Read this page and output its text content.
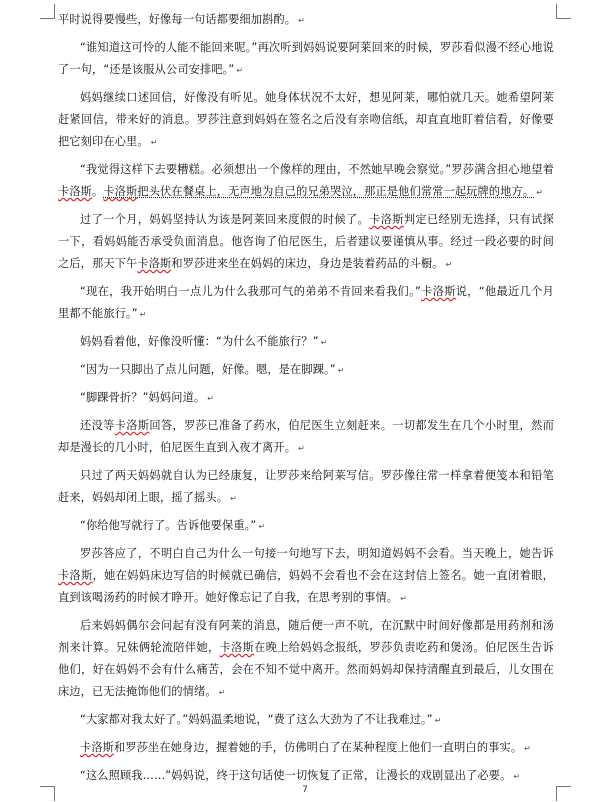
平时说得要慢些，好像每一句话都要细加斟酌。 ↵

“谁知道这可怜的人能不能回来呢。”再次听到妈妈说要阿莱回来的时候，罗莎看似漫不经心地说了一句，“还是该服从公司安排吧。” ↵

妈妈继续口述回信，好像没有听见。她身体状况不太好，想见阿莱，哪怕就几天。她希望阿莱赶紧回信，带来好的消息。罗莎注意到妈妈在签名之后没有亲吻信纸，却直直地盯着信看，好像要把它刻印在心里。 ↵

“我觉得这样下去要糟糕。必须想出一个像样的理由，不然她早晚会察觉。”罗莎满含担心地望着卡洛斯。卡洛斯把头伏在餐桌上，无声地为自己的兄弟哭泣，那正是他们常常一起玩牌的地方。 ↵

过了一个月，妈妈坚持认为该是阿莱回来度假的时候了。卡洛斯判定已经别无选择，只有试探一下，看妈妈能否承受负面消息。他咨询了伯尼医生，后者建议要谨慎从事。经过一段必要的时间之后，那天下午卡洛斯和罗莎进来坐在妈妈的床边，身边是装着药品的斗橱。 ↵

“现在，我开始明白一点儿为什么我那可气的弟弟不肯回来看我们。”卡洛斯说，“他最近几个月里都不能旅行。” ↵

妈妈看着他，好像没听懂：“为什么不能旅行？” ↵

“因为一只脚出了点儿问题，好像。嗯，是在脚踝。” ↵

“脚踝骨折？”妈妈问道。 ↵

还没等卡洛斯回答，罗莎已准备了药水，伯尼医生立刻赶来。一切都发生在几个小时里，然而却是漫长的几小时，伯尼医生直到入夜才离开。 ↵

只过了两天妈妈就自认为已经康复，让罗莎来给阿莱写信。罗莎像往常一样拿着便笺本和铅笔赶来，妈妈却闭上眼，摇了摇头。 ↵

“你给他写就行了。告诉他要保重。” ↵

罗莎答应了，不明白自己为什么一句接一句地写下去，明知道妈妈不会看。当天晚上，她告诉卡洛斯，她在妈妈床边写信的时候就已确信，妈妈不会看也不会在这封信上签名。她一直闭着眼，直到该喝汤药的时候才睁开。她好像忘记了自我，在思考别的事情。 ↵

后来妈妈偶尔会问起有没有阿莱的消息，随后便一声不吭，在沉默中时间好像都是用药剂和汤剂来计算。兄妹俩轮流陪伴她，卡洛斯在晚上给妈妈念报纸，罗莎负责吃药和煲汤。伯尼医生告诉他们，好在妈妈不会有什么痛苦，会在不知不觉中离开。然而妈妈却保持清醒直到最后，儿女围在床边，已无法掩饰他们的情绪。 ↵

“大家都对我太好了。”妈妈温柔地说，“费了这么大劲为了不让我难过。” ↵

卡洛斯和罗莎坐在她身边，握着她的手，仿佛明白了在某种程度上他们一直明白的事实。 ↵

“这么照顾我……”妈妈说，终于这句话使一切恢复了正常，让漫长的戏剧显出了必要。 ↵

7
